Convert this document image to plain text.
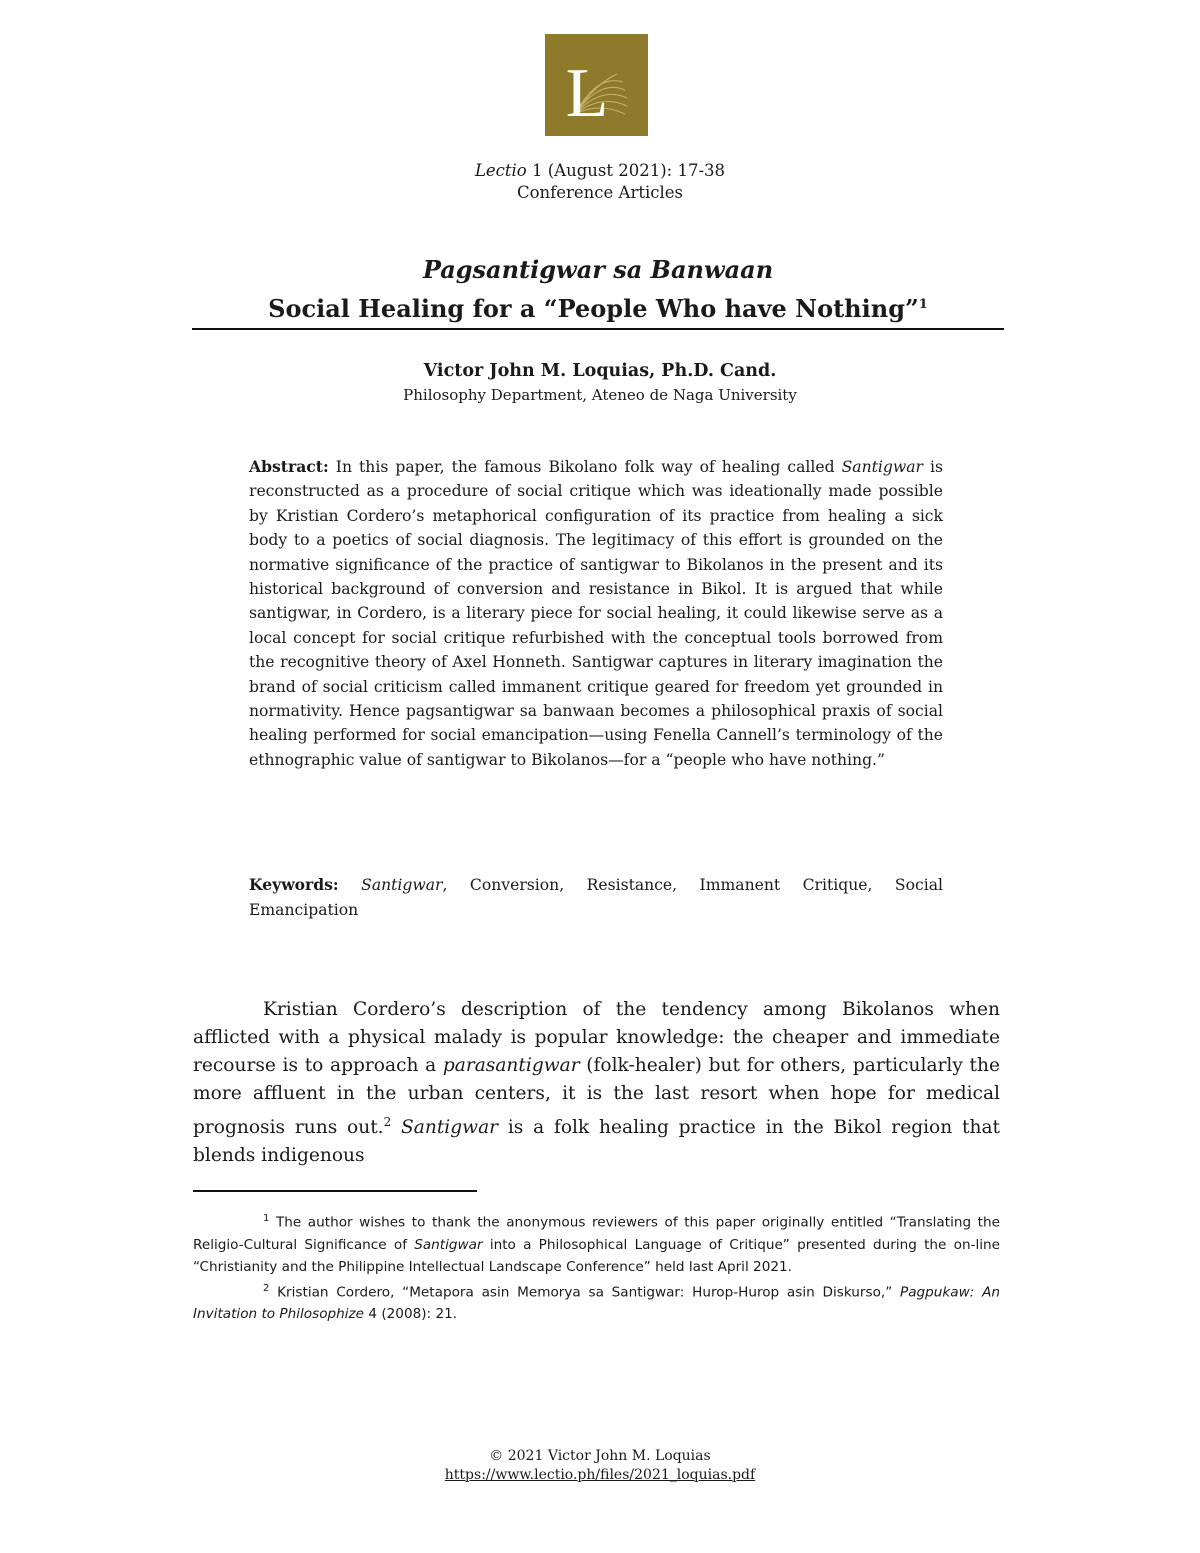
L
Lectio 1 (August 2021): 17-38
Conference Articles
Pagsantigwar sa Banwaan
Social Healing for a “People Who have Nothing”$^1$
Victor John M. Loquias, Ph.D. Cand.
Philosophy Department, Ateneo de Naga University
Abstract: In this paper, the famous Bikolano folk way of healing called Santigwar is reconstructed as a procedure of social critique which was ideationally made possible by Kristian Cordero’s metaphorical configuration of its practice from healing a sick body to a poetics of social diagnosis. The legitimacy of this effort is grounded on the normative significance of the practice of santigwar to Bikolanos in the present and its historical background of conversion and resistance in Bikol. It is argued that while santigwar, in Cordero, is a literary piece for social healing, it could likewise serve as a local concept for social critique refurbished with the conceptual tools borrowed from the recognitive theory of Axel Honneth. Santigwar captures in literary imagination the brand of social criticism called immanent critique geared for freedom yet grounded in normativity. Hence pagsantigwar sa banwaan becomes a philosophical praxis of social healing performed for social emancipation—using Fenella Cannell’s terminology of the ethnographic value of santigwar to Bikolanos—for a “people who have nothing.”
Keywords: Santigwar, Conversion, Resistance, Immanent Critique, Social Emancipation
Kristian Cordero’s description of the tendency among Bikolanos when afflicted with a physical malady is popular knowledge: the cheaper and immediate recourse is to approach a parasantigwar (folk-healer) but for others, particularly the more affluent in the urban centers, it is the last resort when hope for medical prognosis runs out.$^2$ Santigwar is a folk healing practice in the Bikol region that blends indigenous

$^1$ The author wishes to thank the anonymous reviewers of this paper originally entitled “Translating the Religio-Cultural Significance of Santigwar into a Philosophical Language of Critique” presented during the on-line “Christianity and the Philippine Intellectual Landscape Conference” held last April 2021.

$^2$ Kristian Cordero, “Metapora asin Memorya sa Santigwar: Hurop-Hurop asin Diskurso,” Pagpukaw: An Invitation to Philosophize 4 (2008): 21.

© 2021 Victor John M. Loquias
https://www.lectio.ph/files/2021_loquias.pdf
